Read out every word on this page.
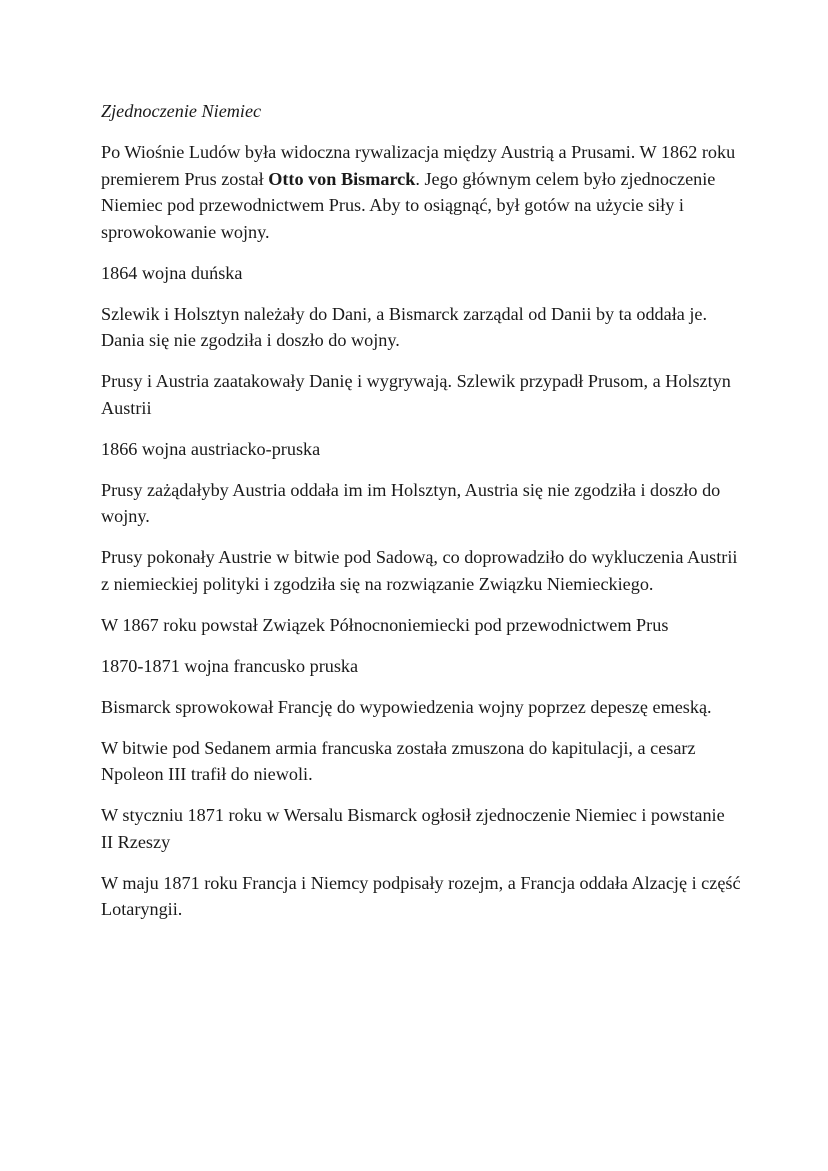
Zjednoczenie Niemiec

Po Wiośnie Ludów była widoczna rywalizacja między Austrią a Prusami. W 1862 roku premierem Prus został Otto von Bismarck. Jego głównym celem było zjednoczenie Niemiec pod przewodnictwem Prus. Aby to osiągnąć, był gotów na użycie siły i sprowokowanie wojny.

1864 wojna duńska

Szlewik i Holsztyn należały do Dani, a Bismarck zarządal od Danii by ta oddała je. Dania się nie zgodziła i doszło do wojny.

Prusy i Austria zaatakowały Danię i wygrywają. Szlewik przypadł Prusom, a Holsztyn Austrii

1866 wojna austriacko-pruska

Prusy zażądałyby Austria oddała im im Holsztyn, Austria się nie zgodziła i doszło do wojny.

Prusy pokonały Austrie w bitwie pod Sadową, co doprowadziło do wykluczenia Austrii z niemieckiej polityki i zgodziła się na rozwiązanie Związku Niemieckiego.

W 1867 roku powstał Związek Północnoniemiecki pod przewodnictwem Prus

1870-1871 wojna francusko pruska

Bismarck sprowokował Francję do wypowiedzenia wojny poprzez depeszę emeską.

W bitwie pod Sedanem armia francuska została zmuszona do kapitulacji, a cesarz Npoleon III trafił do niewoli.

W styczniu 1871 roku w Wersalu Bismarck ogłosił zjednoczenie Niemiec i powstanie II Rzeszy

W maju 1871 roku Francja i Niemcy podpisały rozejm, a Francja oddała Alzację i część Lotaryngii.
